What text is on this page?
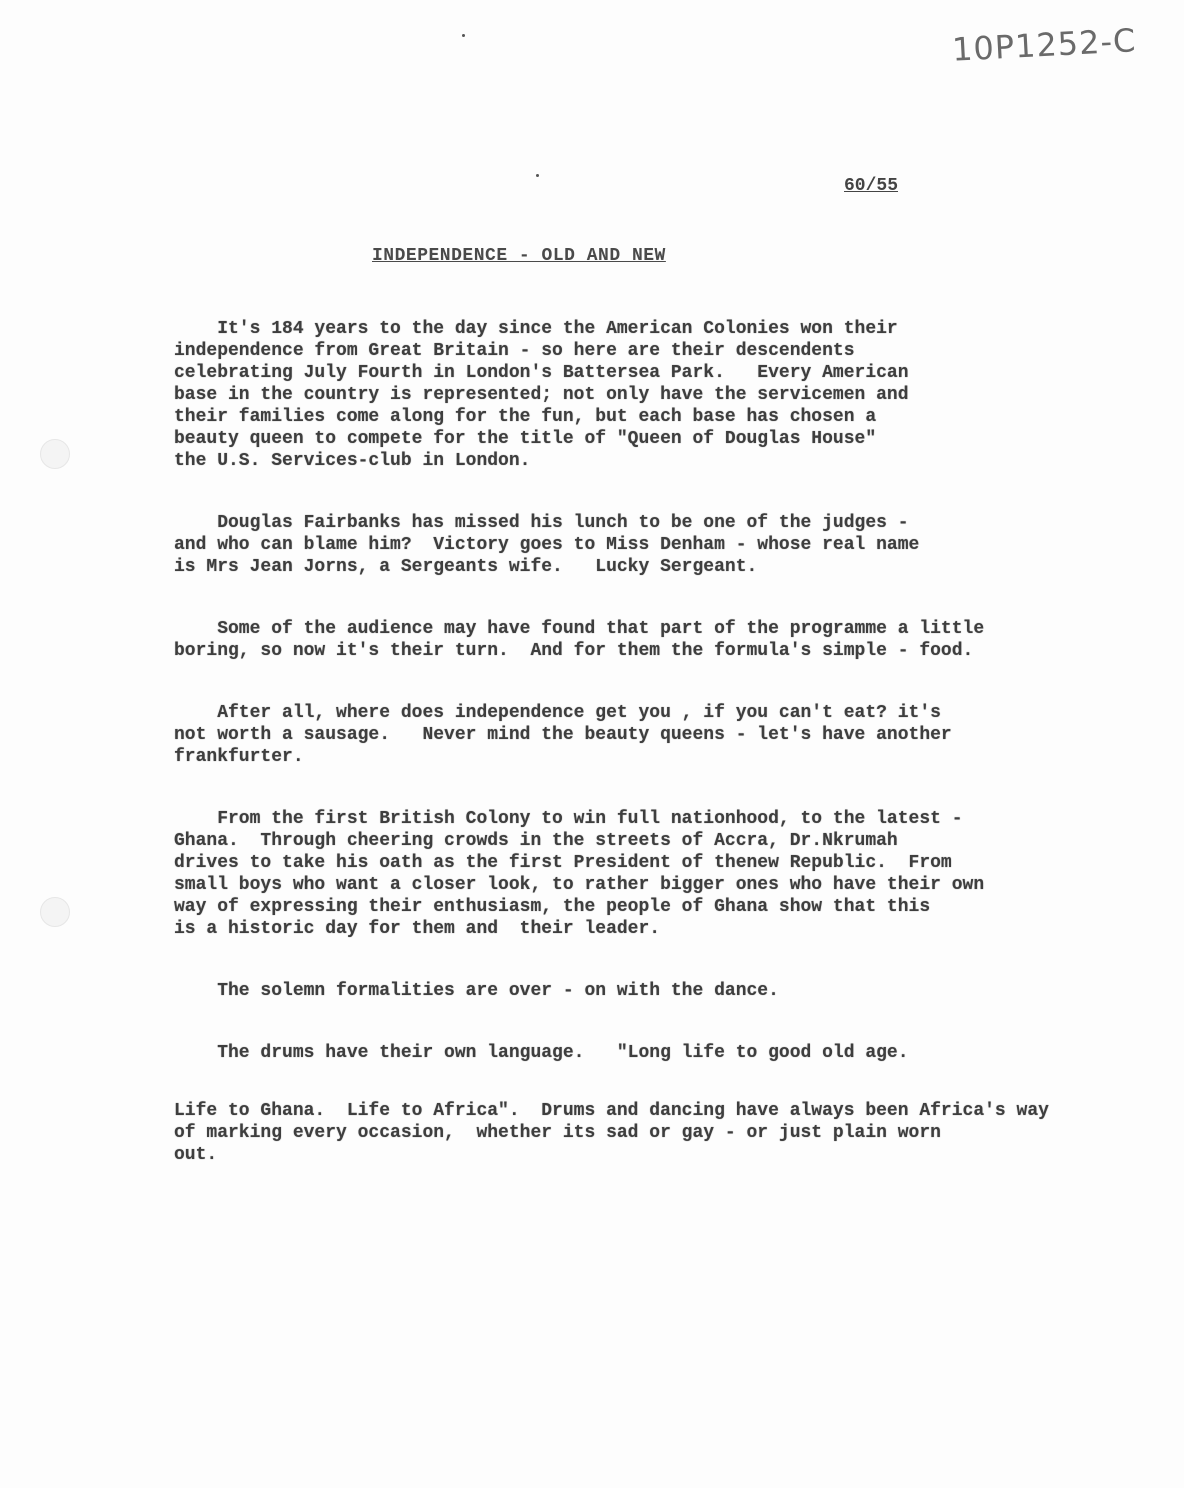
10P1252-C
60/55
INDEPENDENCE - OLD AND NEW

It's 184 years to the day since the American Colonies won their
independence from Great Britain - so here are their descendents
celebrating July Fourth in London's Battersea Park.   Every American
base in the country is represented; not only have the servicemen and
their families come along for the fun, but each base has chosen a
beauty queen to compete for the title of "Queen of Douglas House"
the U.S. Services-club in London.

Douglas Fairbanks has missed his lunch to be one of the judges -
and who can blame him?  Victory goes to Miss Denham - whose real name
is Mrs Jean Jorns, a Sergeants wife.   Lucky Sergeant.

Some of the audience may have found that part of the programme a little
boring, so now it's their turn.  And for them the formula's simple - food.

After all, where does independence get you , if you can't eat? it's
not worth a sausage.   Never mind the beauty queens - let's have another
frankfurter.

From the first British Colony to win full nationhood, to the latest -
Ghana.  Through cheering crowds in the streets of Accra, Dr.Nkrumah
drives to take his oath as the first President of thenew Republic.  From
small boys who want a closer look, to rather bigger ones who have their own
way of expressing their enthusiasm, the people of Ghana show that this
is a historic day for them and  their leader.

The solemn formalities are over - on with the dance.

The drums have their own language.   "Long life to good old age.

Life to Ghana.  Life to Africa".  Drums and dancing have always been Africa's way
of marking every occasion,  whether its sad or gay - or just plain worn
out.
